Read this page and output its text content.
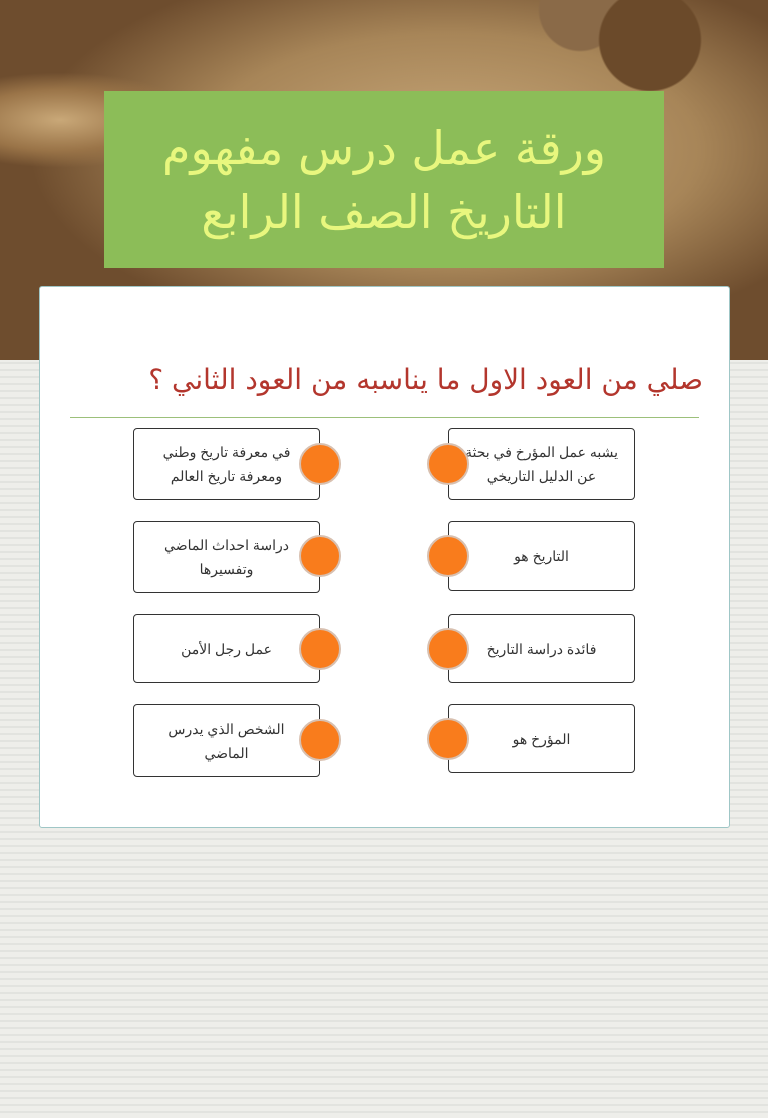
ورقة عمل درس مفهوم التاريخ الصف الرابع
صلي من العود الاول ما يناسبه من العود الثاني ؟
يشبه عمل المؤرخ في بحثة عن الدليل التاريخي
التاريخ هو
فائدة دراسة التاريخ
المؤرخ هو
في معرفة تاريخ وطني ومعرفة تاريخ العالم
دراسة احداث الماضي وتفسيرها
عمل رجل الأمن
الشخص الذي يدرس الماضي
